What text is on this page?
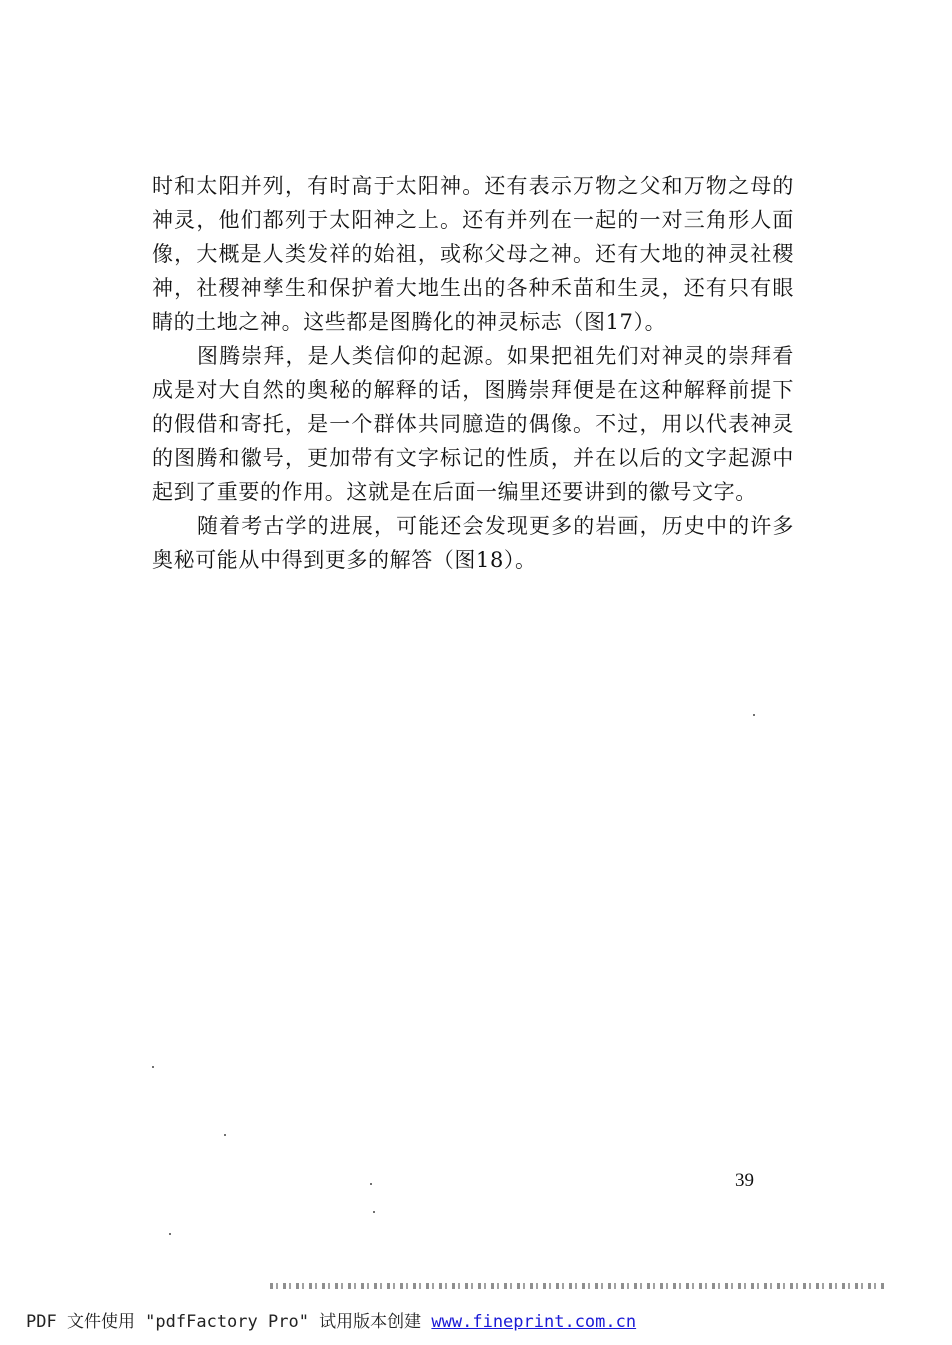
时和太阳并列，有时高于太阳神。还有表示万物之父和万物之母的神灵，他们都列于太阳神之上。还有并列在一起的一对三角形人面像，大概是人类发祥的始祖，或称父母之神。还有大地的神灵社稷神，社稷神孳生和保护着大地生出的各种禾苗和生灵，还有只有眼睛的土地之神。这些都是图腾化的神灵标志（图17）。

图腾崇拜，是人类信仰的起源。如果把祖先们对神灵的崇拜看成是对大自然的奥秘的解释的话，图腾崇拜便是在这种解释前提下的假借和寄托，是一个群体共同臆造的偶像。不过，用以代表神灵的图腾和徽号，更加带有文字标记的性质，并在以后的文字起源中起到了重要的作用。这就是在后面一编里还要讲到的徽号文字。

随着考古学的进展，可能还会发现更多的岩画，历史中的许多奥秘可能从中得到更多的解答（图18）。

39
PDF 文件使用 "pdfFactory Pro" 试用版本创建 www.fineprint.com.cn
